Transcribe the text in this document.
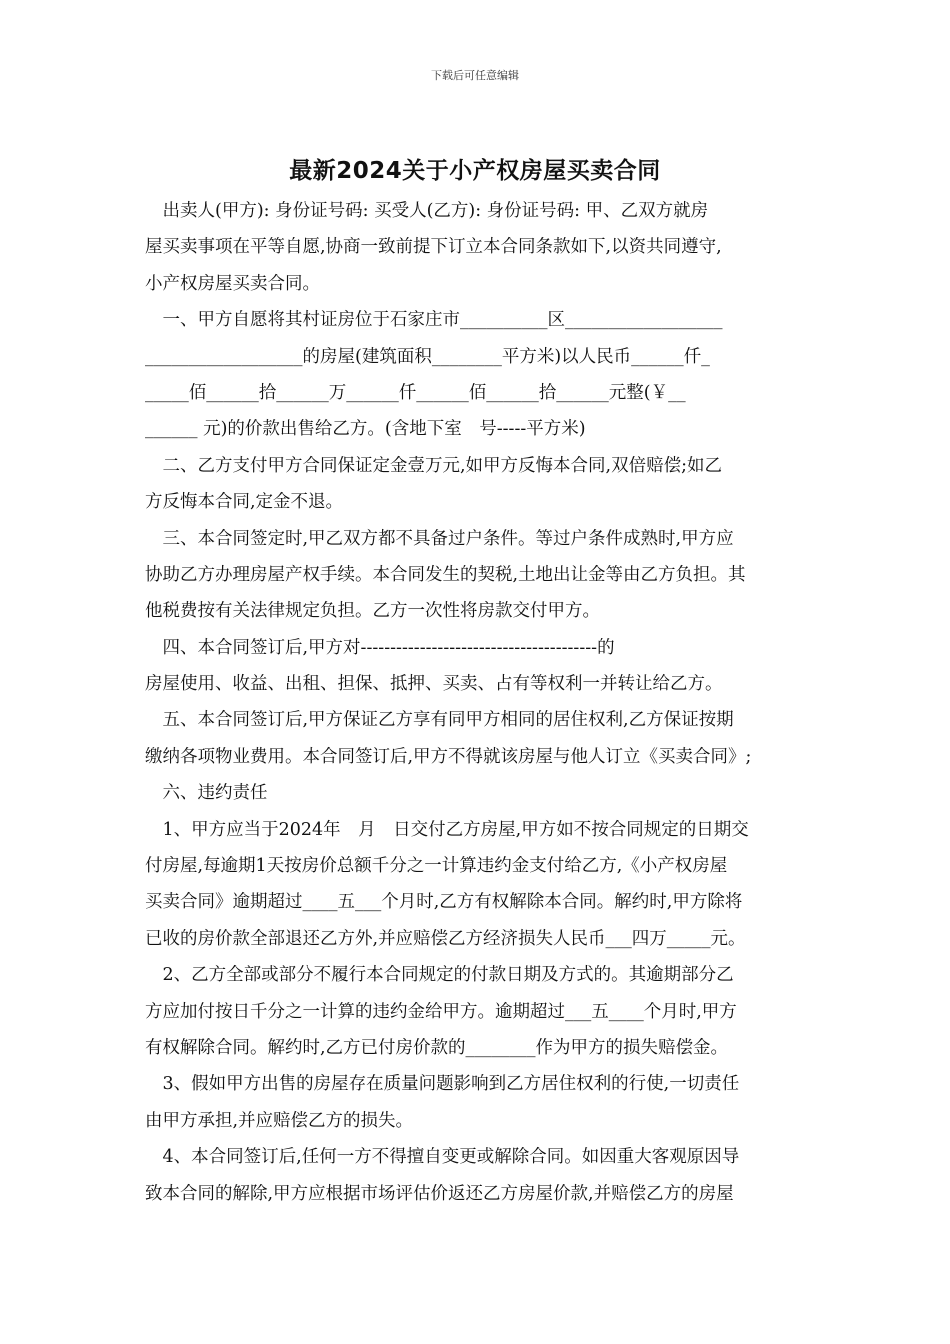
下载后可任意编辑
最新2024关于小产权房屋买卖合同
　出卖人(甲方): 身份证号码: 买受人(乙方): 身份证号码: 甲、乙双方就房
屋买卖事项在平等自愿,协商一致前提下订立本合同条款如下,以资共同遵守,
小产权房屋买卖合同。
　一、甲方自愿将其村证房位于石家庄市__________区__________________
__________________的房屋(建筑面积________平方米)以人民币______仟_
_____佰______拾______万______仟______佰______拾______元整(￥__
______ 元)的价款出售给乙方。(含地下室　号-----平方米)
　二、乙方支付甲方合同保证定金壹万元,如甲方反悔本合同,双倍赔偿;如乙
方反悔本合同,定金不退。
　三、本合同签定时,甲乙双方都不具备过户条件。等过户条件成熟时,甲方应
协助乙方办理房屋产权手续。本合同发生的契税,土地出让金等由乙方负担。其
他税费按有关法律规定负担。乙方一次性将房款交付甲方。
　四、本合同签订后,甲方对----------------------------------------的
房屋使用、收益、出租、担保、抵押、买卖、占有等权利一并转让给乙方。
　五、本合同签订后,甲方保证乙方享有同甲方相同的居住权利,乙方保证按期
缴纳各项物业费用。本合同签订后,甲方不得就该房屋与他人订立《买卖合同》;
　六、违约责任
　1、甲方应当于2024年　月　日交付乙方房屋,甲方如不按合同规定的日期交
付房屋,每逾期1天按房价总额千分之一计算违约金支付给乙方,《小产权房屋
买卖合同》逾期超过____五___个月时,乙方有权解除本合同。解约时,甲方除将
已收的房价款全部退还乙方外,并应赔偿乙方经济损失人民币___四万_____元。
　2、乙方全部或部分不履行本合同规定的付款日期及方式的。其逾期部分乙
方应加付按日千分之一计算的违约金给甲方。逾期超过___五____个月时,甲方
有权解除合同。解约时,乙方已付房价款的________作为甲方的损失赔偿金。
　3、假如甲方出售的房屋存在质量问题影响到乙方居住权利的行使,一切责任
由甲方承担,并应赔偿乙方的损失。
　4、本合同签订后,任何一方不得擅自变更或解除合同。如因重大客观原因导
致本合同的解除,甲方应根据市场评估价返还乙方房屋价款,并赔偿乙方的房屋
